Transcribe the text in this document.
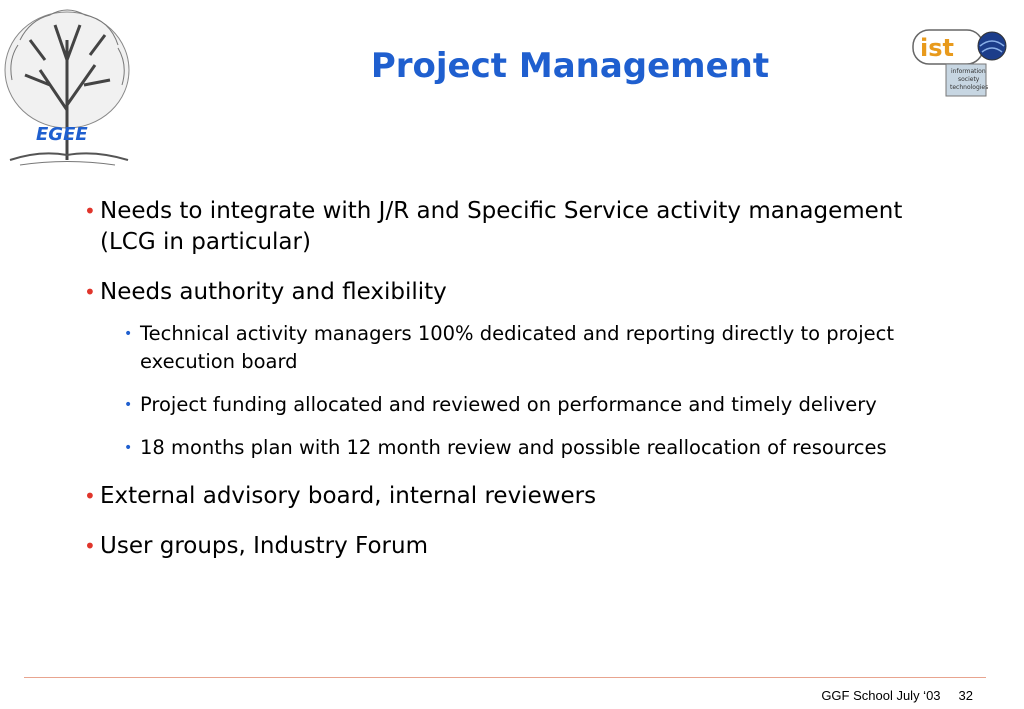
EGEE
ist
information
society
technologies
Project Management
• Needs to integrate with J/R and Specific Service activity management (LCG in particular)
• Needs authority and flexibility
• Technical activity managers 100% dedicated and reporting directly to project execution board
• Project funding allocated and reviewed on performance and timely delivery
• 18 months plan with 12 month review and possible reallocation of resources
• External advisory board, internal reviewers
• User groups, Industry Forum
GGF School July ‘03 32
